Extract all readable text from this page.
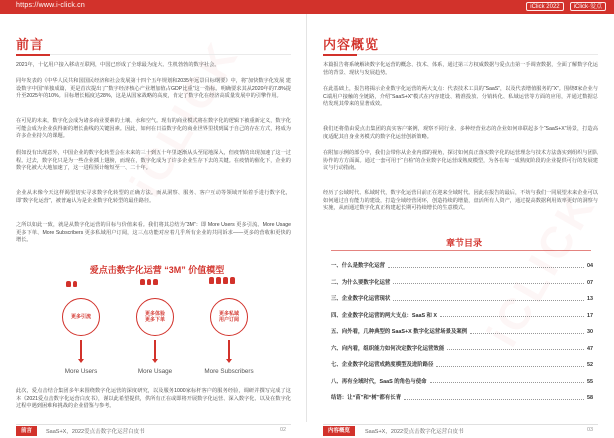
https://www.i-click.cn	iClick 2022	iClick·爱点
前言

2021年，十亿用户接入移动互联网，中国已形成了全球最为庞大、生机勃勃的数字社会。

同年发表的《中华人民共和国国民经济和社会发展第十四个五年规划和2035年远景目标纲要》中，将“加快数字化发展 建设数字中国”单独成篇，更是首次提出了“数字经济核心产业增加值占GDP比重”这一指标。明确要求其从2020年的7.8%提升至2025年的10%。目标增长幅度达28%，这是从国家战略的高度，肯定了数字化在经济高质量发展中的引擎作用。

在可见的未来，数字化会成为诸多商业要素的土壤、水和空气。现有的商业模式将在数字化的逻辑下被重新定义，数字化可能会成为企业获得新的增长曲线的关键因素。因此，如何在日益数字化的商业世界里找到属于自己的存在方式，将成为许多企业持久的课题。

假如没有出现意外，中国企业的数字化转型会在未来的三十到五十年里逐渐从头至尾地深入，但疫情的出现加速了这一过程。过去，数字化只是为一些企业插上翅膀，而现在，数字化成为了许多企业生存下去的关键。在疫情的催化下，企业的数字化被大大地加速了，这一进程预计缩短至一、二十年。

企业从未像今天这样渴望切实寻求数字化转型的正确方法。而从洞察、服务、客户互动等领域开始着手进行数字化，即“数字化运营”，被普遍认为是企业数字化转型的最佳路径。

之所以如此一致，就是从数字化运营的目标与价值来看。我们将其总结为“3M”：即 More Users 更多引流、More Usage 更多下单、More Subscribers 更多私域用户订阅，这三点功能对应着几乎所有企业的共同诉求——更多的营收和更快的增长。

爱点击数字化运营 “3M” 价值模型
更多引流
更多体验
更多下单
更多私域
用户订阅
More Users	More Usage	More Subscribers

此次，爱点击结合集团多年来围绕数字化运营的深度研究，以及服务1000家标杆客户的服务经验，调研并撰写完成了这本《2021爱点击数字化运营白皮书》，谨以此希望提供，供所有正在或即将开展数字化运营、深入数字化、以及在数字化过程中遇到困难和挑战的企业借鉴与参考。

内容概览

本篇报告将系统解读数字化运营的概念、技术、体系，通过第三方权威数据与爱点击第一手调查数据，全面了解数字化运营的背景、现状与发展趋势。

在此基础上，报告将揭示企业数字化运营的两大支点：代表技术工具的“SaaS”，以及代表增值服务的“X”。围绕8家企业与C端用户接触的全链路，介绍“SaaS+X”模式在内容建设、精准投放、分销转化、私域运营等方面的应用，并通过数据总结发现其带来的显著成效。

我们还将借由爱点击集团的真实客户案例，观察不同行业、多种经营业态的企业如何串联起多个“SaaS+X”场景，打造高度适配其自身业务模式的数字化运营创新策略。

在附加示例的部分中，我们会带你从企业内部的视角，探讨如何真正落实数字化的运营理念与技术方法落实到组织与团队协作的方方面面。通过一套可用于“自检”的企业数字化运营成熟度模型，为各在每一成熟度阶段的企业提供可行的发展建议与行动指南。

经历了公域时代、私域时代，数字化运营目前正在迎来全域时代。因此在报告的最后，不妨与我们一同展望未来企业可以如何通过自有能力的建设，打造全域经营闭环，创造持续的增量，盘活所有人资产，通过提高数据利用效率更好的洞察与实施，从而通过数字化真正构建起长期可持续增长的生意模式。

章节目录
一、什么是数字化运营	04
二、为什么要数字化运营	07
三、企业数字化运营现状	13
四、企业数字化运营的两大支点：SaaS 和 X	17
五、向外看，几种典型的 SaaS+X 数字化运营场景及案例	30
六、向内看，组织能力如何决定数字化运营效能	47
七、企业数字化运营成熟度模型及进阶路径	52
八、再有全域时代，SaaS 的角色与使命	55
结语：让“苗”和“树”都有长青	58
前言	SaaS+X，2022爱点击数字化运营白皮书	02	内容概览	SaaS+X，2022爱点击数字化运营白皮书	03
